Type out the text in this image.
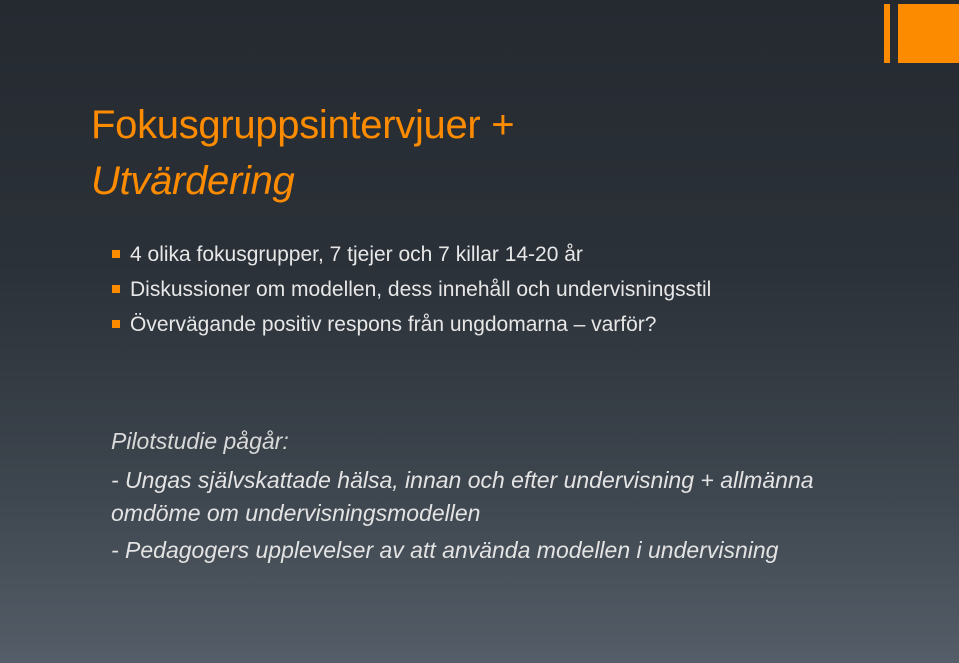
Fokusgruppsintervjuer +
Utvärdering
4 olika fokusgrupper, 7 tjejer och 7 killar 14-20 år
Diskussioner om modellen, dess innehåll och undervisningsstil
Övervägande positiv respons från ungdomarna – varför?

Pilotstudie pågår:

- Ungas självskattade hälsa, innan och efter undervisning + allmänna omdöme om undervisningsmodellen

- Pedagogers upplevelser av att använda modellen i undervisning
